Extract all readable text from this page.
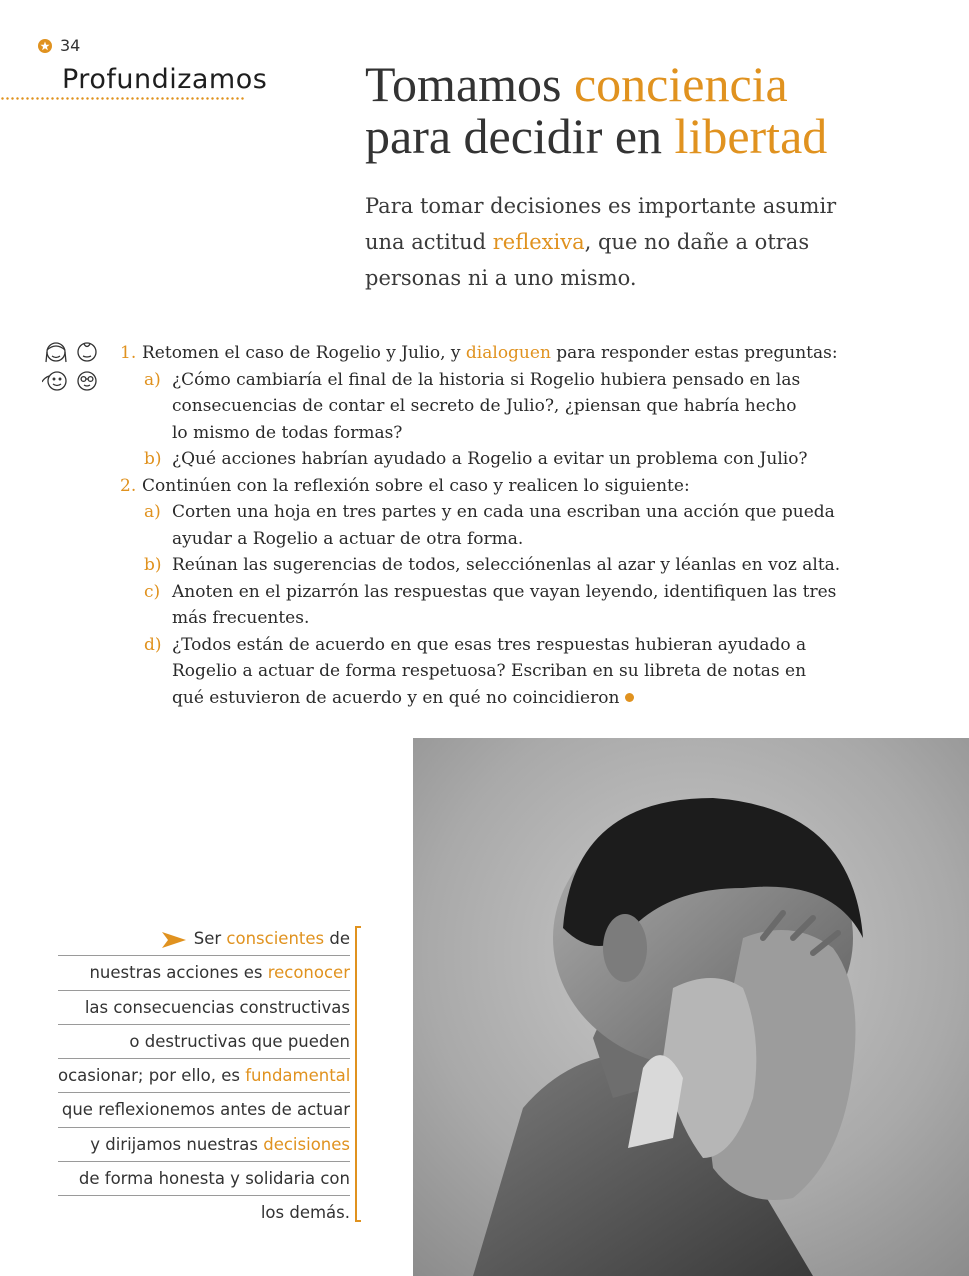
34
Profundizamos Tomamos conciencia
para decidir en libertad

Para tomar decisiones es importante asumir una actitud reflexiva, que no dañe a otras personas ni a uno mismo.

1. Retomen el caso de Rogelio y Julio, y dialoguen para responder estas preguntas:
a) ¿Cómo cambiaría el final de la historia si Rogelio hubiera pensado en las consecuencias de contar el secreto de Julio?, ¿piensan que habría hecho lo mismo de todas formas?
b) ¿Qué acciones habrían ayudado a Rogelio a evitar un problema con Julio?
2. Continúen con la reflexión sobre el caso y realicen lo siguiente:
a) Corten una hoja en tres partes y en cada una escriban una acción que pueda ayudar a Rogelio a actuar de otra forma.
b) Reúnan las sugerencias de todos, selecciónenlas al azar y léanlas en voz alta.
c) Anoten en el pizarrón las respuestas que vayan leyendo, identifiquen las tres más frecuentes.
d) ¿Todos están de acuerdo en que esas tres respuestas hubieran ayudado a Rogelio a actuar de forma respetuosa? Escriban en su libreta de notas en qué estuvieron de acuerdo y en qué no coincidieron
Ser conscientes de
nuestras acciones es reconocer
las consecuencias constructivas
o destructivas que pueden
ocasionar; por ello, es fundamental
que reflexionemos antes de actuar
y dirijamos nuestras decisiones
de forma honesta y solidaria con
los demás.
